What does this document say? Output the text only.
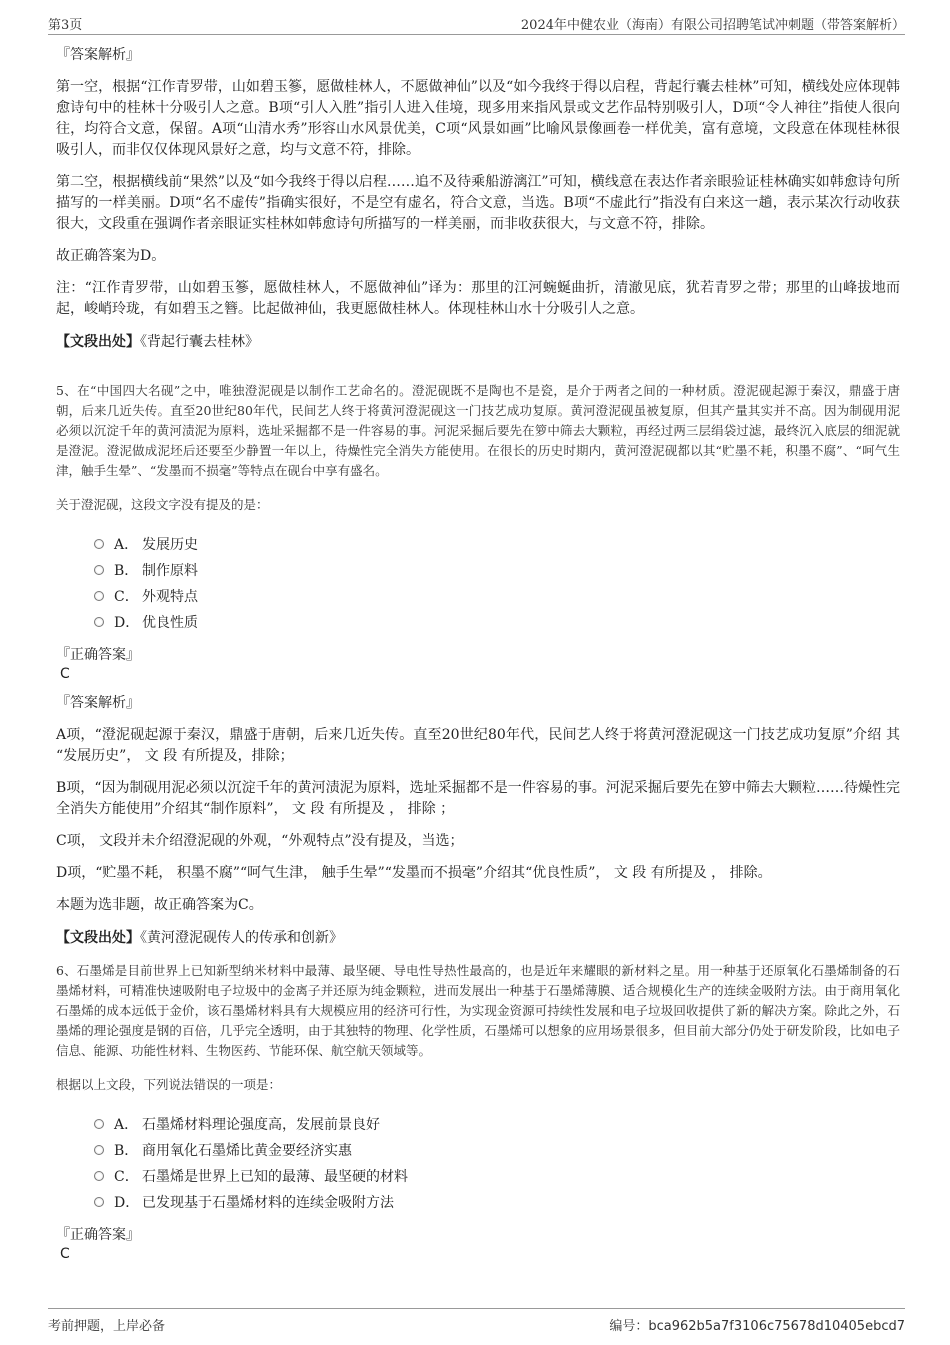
第3页	2024年中健农业（海南）有限公司招聘笔试冲刺题（带答案解析）

『答案解析』

第一空，根据“江作青罗带，山如碧玉篸，愿做桂林人，不愿做神仙”以及“如今我终于得以启程，背起行囊去桂林”可知，横线处应体现韩愈诗句中的桂林十分吸引人之意。B项“引人入胜”指引人进入佳境，现多用来指风景或文艺作品特别吸引人，D项“令人神往”指使人很向往，均符合文意，保留。A项“山清水秀”形容山水风景优美，C项“风景如画”比喻风景像画卷一样优美，富有意境，文段意在体现桂林很吸引人，而非仅仅体现风景好之意，均与文意不符，排除。

第二空，根据横线前“果然”以及“如今我终于得以启程……追不及待乘船游漓江”可知，横线意在表达作者亲眼验证桂林确实如韩愈诗句所描写的一样美丽。D项“名不虚传”指确实很好，不是空有虚名，符合文意，当选。B项“不虚此行”指没有白来这一趟，表示某次行动收获很大，文段重在强调作者亲眼证实桂林如韩愈诗句所描写的一样美丽，而非收获很大，与文意不符，排除。

故正确答案为D。

注：“江作青罗带，山如碧玉篸，愿做桂林人，不愿做神仙”译为：那里的江河蜿蜒曲折，清澈见底，犹若青罗之带；那里的山峰拔地而起，峻峭玲珑，有如碧玉之簪。比起做神仙，我更愿做桂林人。体现桂林山水十分吸引人之意。

【文段出处】《背起行囊去桂林》

5、在“中国四大名砚”之中，唯独澄泥砚是以制作工艺命名的。澄泥砚既不是陶也不是瓷，是介于两者之间的一种材质。澄泥砚起源于秦汉，鼎盛于唐朝，后来几近失传。直至20世纪80年代，民间艺人终于将黄河澄泥砚这一门技艺成功复原。黄河澄泥砚虽被复原，但其产量其实并不高。因为制砚用泥必须以沉淀千年的黄河渍泥为原料，选址采掘都不是一件容易的事。河泥采掘后要先在箩中筛去大颗粒，再经过两三层绢袋过滤，最终沉入底层的细泥就是澄泥。澄泥做成泥坯后还要至少静置一年以上，待燥性完全消失方能使用。在很长的历史时期内，黄河澄泥砚都以其“贮墨不耗，积墨不腐”、“呵气生津，触手生晕”、“发墨而不损毫”等特点在砚台中享有盛名。

关于澄泥砚，这段文字没有提及的是：

A． 发展历史
B． 制作原料
C． 外观特点
D． 优良性质

『正确答案』

C

『答案解析』

A项，“澄泥砚起源于秦汉，鼎盛于唐朝，后来几近失传。直至20世纪80年代，民间艺人终于将黄河澄泥砚这一门技艺成功复原”介绍 其 “发展历史”， 文 段 有所提及，排除；

B项，“因为制砚用泥必须以沉淀千年的黄河渍泥为原料，选址采掘都不是一件容易的事。河泥采掘后要先在箩中筛去大颗粒……待燥性完全消失方能使用”介绍其“制作原料”， 文 段 有所提及 ， 排除 ；

C项， 文段并未介绍澄泥砚的外观，“外观特点”没有提及，当选；

D项，“贮墨不耗， 积墨不腐”“呵气生津， 触手生晕”“发墨而不损毫”介绍其“优良性质”， 文 段 有所提及 ， 排除。

本题为选非题，故正确答案为C。

【文段出处】《黄河澄泥砚传人的传承和创新》

6、石墨烯是目前世界上已知新型纳米材料中最薄、最坚硬、导电性导热性最高的，也是近年来耀眼的新材料之星。用一种基于还原氧化石墨烯制备的石墨烯材料，可精准快速吸附电子垃圾中的金离子并还原为纯金颗粒，进而发展出一种基于石墨烯薄膜、适合规模化生产的连续金吸附方法。由于商用氧化石墨烯的成本远低于金价，该石墨烯材料具有大规模应用的经济可行性，为实现金资源可持续性发展和电子垃圾回收提供了新的解决方案。除此之外，石墨烯的理论强度是钢的百倍，几乎完全透明，由于其独特的物理、化学性质，石墨烯可以想象的应用场景很多，但目前大部分仍处于研发阶段，比如电子信息、能源、功能性材料、生物医药、节能环保、航空航天领域等。

根据以上文段，下列说法错误的一项是：

A． 石墨烯材料理论强度高，发展前景良好
B． 商用氧化石墨烯比黄金要经济实惠
C． 石墨烯是世界上已知的最薄、最坚硬的材料
D． 已发现基于石墨烯材料的连续金吸附方法

『正确答案』

C

考前押题，上岸必备	编号：bca962b5a7f3106c75678d10405ebcd7
